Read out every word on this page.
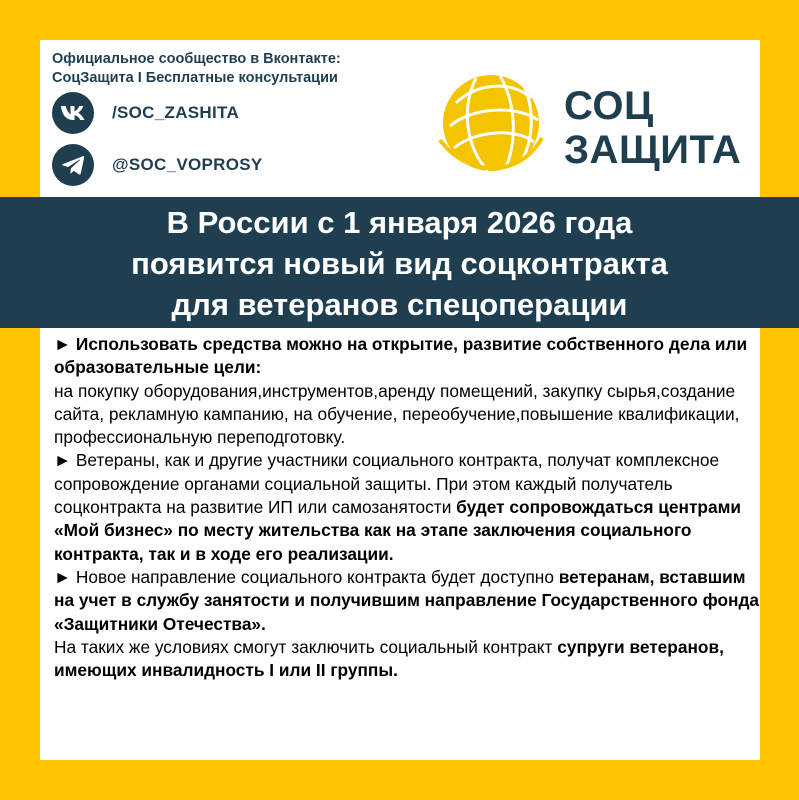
Официальное сообщество в Вконтакте:
СоцЗащита I Бесплатные консультации
/SOC_ZASHITA
@SOC_VOPROSY
СОЦ
ЗАЩИТА
В России с 1 января 2026 года
появится новый вид соцконтракта
для ветеранов спецоперации
► Использовать средства можно на открытие, развитие собственного дела или образовательные цели:
на покупку оборудования,инструментов,аренду помещений, закупку сырья,создание сайта, рекламную кампанию, на обучение, переобучение,повышение квалификации, профессиональную переподготовку.
► Ветераны, как и другие участники социального контракта, получат комплексное сопровождение органами социальной защиты. При этом каждый получатель соцконтракта на развитие ИП или самозанятости будет сопровождаться центрами «Мой бизнес» по месту жительства как на этапе заключения социального контракта, так и в ходе его реализации.
► Новое направление социального контракта будет доступно ветеранам, вставшим на учет в службу занятости и получившим направление Государственного фонда «Защитники Отечества».
На таких же условиях смогут заключить социальный контракт супруги ветеранов, имеющих инвалидность I или II группы.
